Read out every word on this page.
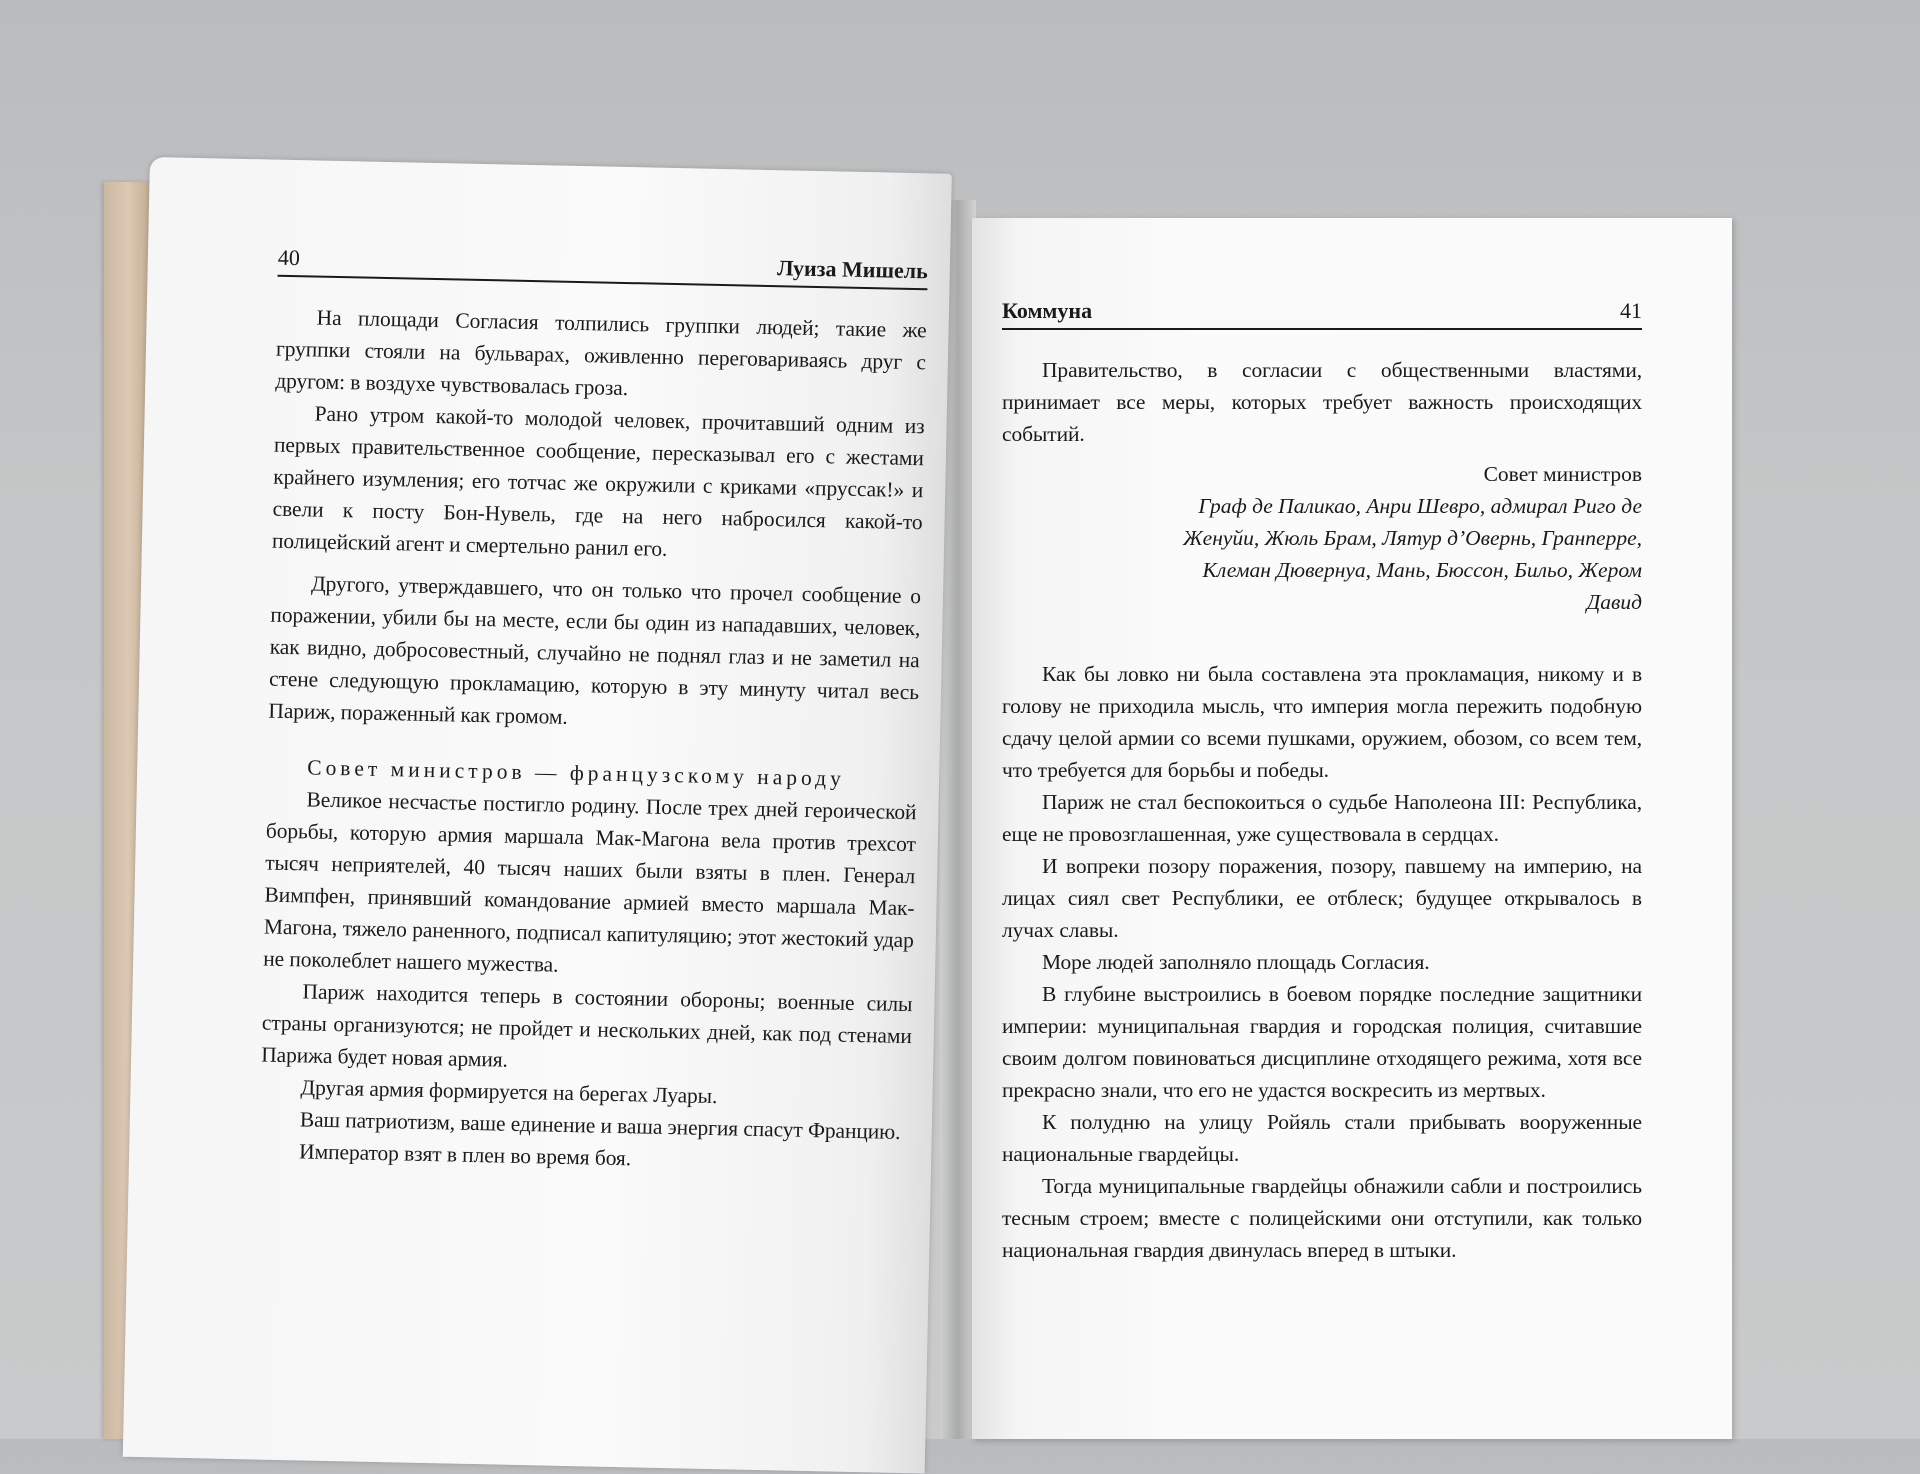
Коммуна	41

Правительство, в согласии с общественными властями, принимает все меры, которых требует важность происходящих событий.

Совет министров

Граф де Паликао, Анри Шевро, адмирал Риго де Женуйи, Жюль Брам, Лятур д’Овернь, Гранперре, Клеман Дювернуа, Мань, Бюссон, Бильо, Жером Давид

Как бы ловко ни была составлена эта прокламация, никому и в голову не приходила мысль, что империя могла пережить подобную сдачу целой армии со всеми пушками, оружием, обозом, со всем тем, что требуется для борьбы и победы.

Париж не стал беспокоиться о судьбе Наполеона III: Республика, еще не провозглашенная, уже существовала в сердцах.

И вопреки позору поражения, позору, павшему на империю, на лицах сиял свет Республики, ее отблеск; будущее открывалось в лучах славы.

Море людей заполняло площадь Согласия.

В глубине выстроились в боевом порядке последние защитники империи: муниципальная гвардия и городская полиция, считавшие своим долгом повиноваться дисциплине отходящего режима, хотя все прекрасно знали, что его не удастся воскресить из мертвых.

К полудню на улицу Ройяль стали прибывать вооруженные национальные гвардейцы.

Тогда муниципальные гвардейцы обнажили сабли и построились тесным строем; вместе с полицейскими они отступили, как только национальная гвардия двинулась вперед в штыки.

40	Луиза Мишель

На площади Согласия толпились группки людей; такие же группки стояли на бульварах, оживленно переговариваясь друг с другом: в воздухе чувствовалась гроза.

Рано утром какой-то молодой человек, прочитавший одним из первых правительственное сообщение, пересказывал его с жестами крайнего изумления; его тотчас же окружили с криками «пруссак!» и свели к посту Бон-Нувель, где на него набросился какой-то полицейский агент и смертельно ранил его.

Другого, утверждавшего, что он только что прочел сообщение о поражении, убили бы на месте, если бы один из нападавших, человек, как видно, добросовестный, случайно не поднял глаз и не заметил на стене следующую прокламацию, которую в эту минуту читал весь Париж, пораженный как громом.

Совет министров — французскому народу

Великое несчастье постигло родину. После трех дней героической борьбы, которую армия маршала Мак-Магона вела против трехсот тысяч неприятелей, 40 тысяч наших были взяты в плен. Генерал Вимпфен, принявший командование армией вместо маршала Мак-Магона, тяжело раненного, подписал капитуляцию; этот жестокий удар не поколеблет нашего мужества.

Париж находится теперь в состоянии обороны; военные силы страны организуются; не пройдет и нескольких дней, как под стенами Парижа будет новая армия.

Другая армия формируется на берегах Луары.

Ваш патриотизм, ваше единение и ваша энергия спасут Францию.

Император взят в плен во время боя.
